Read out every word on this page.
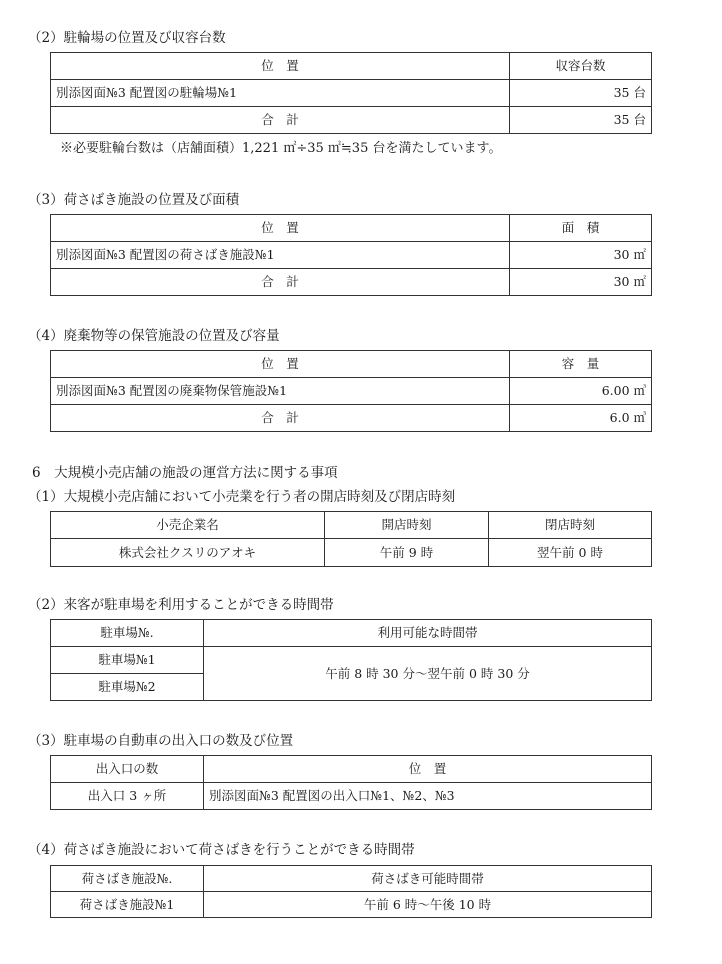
（2）駐輪場の位置及び収容台数
位　置	収容台数
別添図面№3 配置図の駐輪場№1	35 台
合　計	35 台
※必要駐輪台数は（店舗面積）1,221 ㎡÷35 ㎡≒35 台を満たしています。
（3）荷さばき施設の位置及び面積
位　置	面　積
別添図面№3 配置図の荷さばき施設№1	30 ㎡
合　計	30 ㎡
（4）廃棄物等の保管施設の位置及び容量
位　置	容　量
別添図面№3 配置図の廃棄物保管施設№1	6.00 ㎥
合　計	6.0 ㎥
6　大規模小売店舗の施設の運営方法に関する事項
（1）大規模小売店舗において小売業を行う者の開店時刻及び閉店時刻
小売企業名	開店時刻	閉店時刻
株式会社クスリのアオキ	午前 9 時	翌午前 0 時
（2）来客が駐車場を利用することができる時間帯
駐車場№.	利用可能な時間帯
駐車場№1	午前 8 時 30 分～翌午前 0 時 30 分
駐車場№2	
（3）駐車場の自動車の出入口の数及び位置
出入口の数	位　置
出入口 3 ヶ所	別添図面№3 配置図の出入口№1、№2、№3
（4）荷さばき施設において荷さばきを行うことができる時間帯
荷さばき施設№.	荷さばき可能時間帯
荷さばき施設№1	午前 6 時～午後 10 時
